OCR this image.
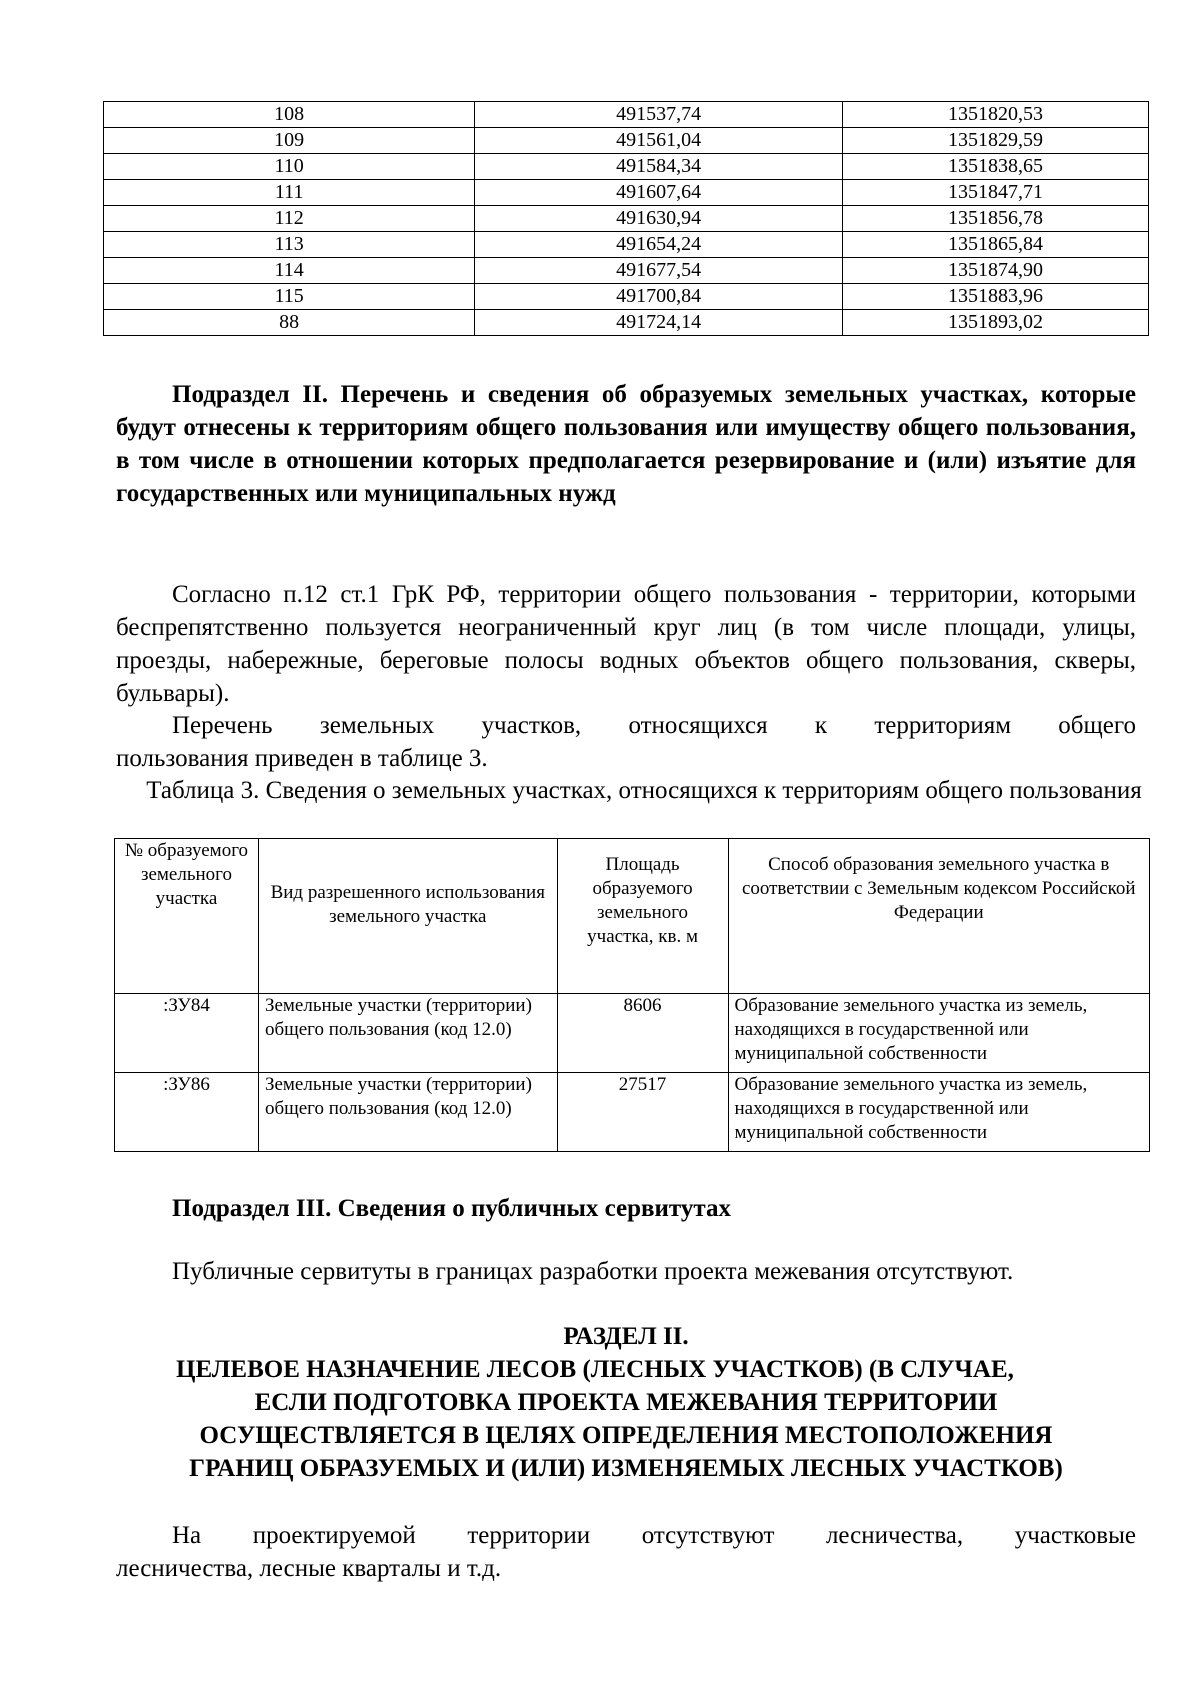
108	491537,74	1351820,53
109	491561,04	1351829,59
110	491584,34	1351838,65
111	491607,64	1351847,71
112	491630,94	1351856,78
113	491654,24	1351865,84
114	491677,54	1351874,90
115	491700,84	1351883,96
88	491724,14	1351893,02

Подраздел II. Перечень и сведения об образуемых земельных участках, которые будут отнесены к территориям общего пользования или имуществу общего пользования, в том числе в отношении которых предполагается резервирование и (или) изъятие для государственных или муниципальных нужд

Согласно п.12 ст.1 ГрК РФ, территории общего пользования - территории, которыми беспрепятственно пользуется неограниченный круг лиц (в том числе площади, улицы, проезды, набережные, береговые полосы водных объектов общего пользования, скверы, бульвары).

Перечень земельных участков, относящихся к территориям общего

пользования приведен в таблице 3.

Таблица 3. Сведения о земельных участках, относящихся к территориям общего пользования

№ образуемого земельного участка	Вид разрешенного использования земельного участка	Площадь образуемого земельного участка, кв. м	Способ образования земельного участка в соответствии с Земельным кодексом Российской Федерации
:ЗУ84	Земельные участки (территории) общего пользования (код 12.0)	8606	Образование земельного участка из земель, находящихся в государственной или муниципальной собственности
:ЗУ86	Земельные участки (территории) общего пользования (код 12.0)	27517	Образование земельного участка из земель, находящихся в государственной или муниципальной собственности

Подраздел III. Сведения о публичных сервитутах

Публичные сервитуты в границах разработки проекта межевания отсутствуют.

РАЗДЕЛ II.

ЦЕЛЕВОЕ НАЗНАЧЕНИЕ ЛЕСОВ (ЛЕСНЫХ УЧАСТКОВ) (В СЛУЧАЕ,

ЕСЛИ ПОДГОТОВКА ПРОЕКТА МЕЖЕВАНИЯ ТЕРРИТОРИИ

ОСУЩЕСТВЛЯЕТСЯ В ЦЕЛЯХ ОПРЕДЕЛЕНИЯ МЕСТОПОЛОЖЕНИЯ

ГРАНИЦ ОБРАЗУЕМЫХ И (ИЛИ) ИЗМЕНЯЕМЫХ ЛЕСНЫХ УЧАСТКОВ)

На проектируемой территории отсутствуют лесничества, участковые

лесничества, лесные кварталы и т.д.
